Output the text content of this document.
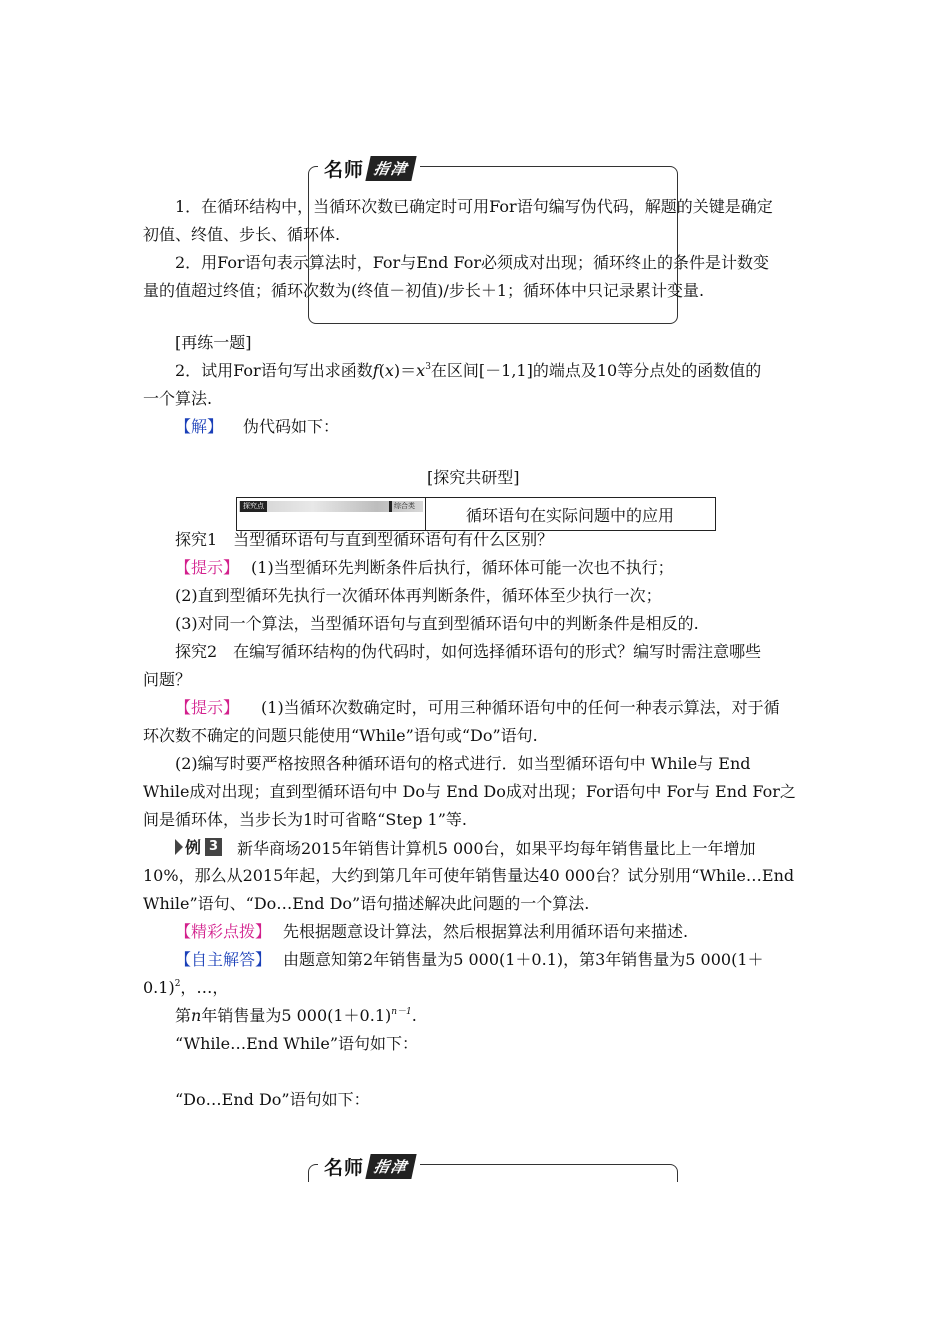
名师 指津
1．在循环结构中，当循环次数已确定时可用For语句编写伪代码，解题的关键是确定
初值、终值、步长、循环体.
2．用For语句表示算法时，For与End For必须成对出现；循环终止的条件是计数变
量的值超过终值；循环次数为(终值－初值)/步长＋1；循环体中只记录累计变量.
[再练一题]
2．试用For语句写出求函数$f(x)=x^3$在区间[－1,1]的端点及10等分点处的函数值的
一个算法.
【解】 伪代码如下：
[探究共研型]
探究点	综合类	循环语句在实际问题中的应用
探究1　当型循环语句与直到型循环语句有什么区别？
【提示】 (1)当型循环先判断条件后执行，循环体可能一次也不执行；
(2)直到型循环先执行一次循环体再判断条件，循环体至少执行一次；
(3)对同一个算法，当型循环语句与直到型循环语句中的判断条件是相反的.
探究2　在编写循环结构的伪代码时，如何选择循环语句的形式？编写时需注意哪些
问题？
【提示】 (1)当循环次数确定时，可用三种循环语句中的任何一种表示算法，对于循
环次数不确定的问题只能使用“While”语句或“Do”语句.
(2)编写时要严格按照各种循环语句的格式进行．如当型循环语句中 While与 End
While成对出现；直到型循环语句中 Do与 End Do成对出现；For语句中 For与 End For之
间是循环体，当步长为1时可省略“Step 1”等.
例 3 新华商场2015年销售计算机5 000台，如果平均每年销售量比上一年增加
10%，那么从2015年起，大约到第几年可使年销售量达40 000台？试分别用“While…End
While”语句、“Do…End Do”语句描述解决此问题的一个算法.
【精彩点拨】 先根据题意设计算法，然后根据算法利用循环语句来描述.
【自主解答】 由题意知第2年销售量为5 000(1＋0.1)，第3年销售量为5 000(1＋
0.1)$^2$，…，
第n年销售量为5 $000(1+0.1)^{n-1}$.
“While…End While”语句如下：
“Do…End Do”语句如下：
名师 指津
